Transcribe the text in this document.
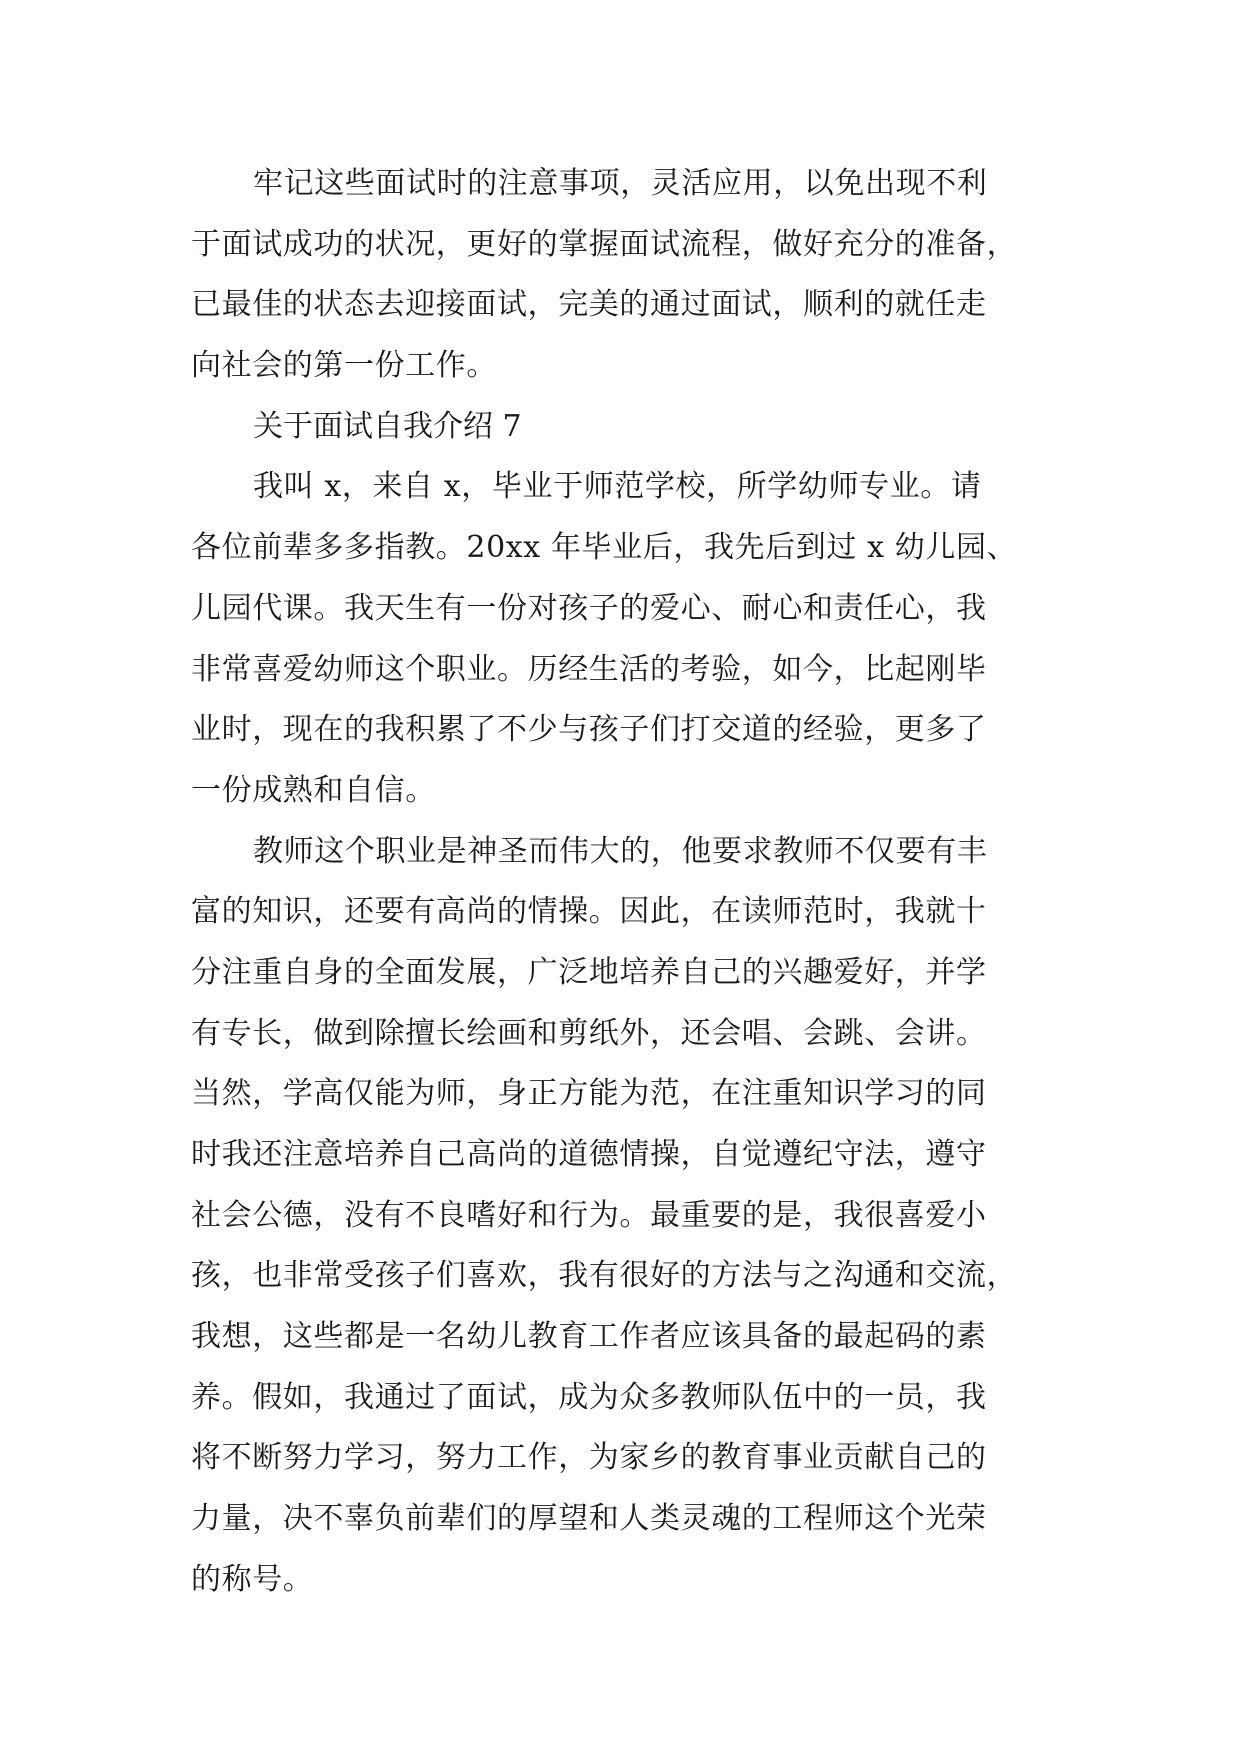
牢记这些面试时的注意事项，灵活应用，以免出现不利
于面试成功的状况，更好的掌握面试流程，做好充分的准备，
已最佳的状态去迎接面试，完美的通过面试，顺利的就任走
向社会的第一份工作。
关于面试自我介绍 7
我叫 x，来自 x，毕业于师范学校，所学幼师专业。请
各位前辈多多指教。20xx 年毕业后，我先后到过 x 幼儿园、
儿园代课。我天生有一份对孩子的爱心、耐心和责任心，我
非常喜爱幼师这个职业。历经生活的考验，如今，比起刚毕
业时，现在的我积累了不少与孩子们打交道的经验，更多了
一份成熟和自信。
教师这个职业是神圣而伟大的，他要求教师不仅要有丰
富的知识，还要有高尚的情操。因此，在读师范时，我就十
分注重自身的全面发展，广泛地培养自己的兴趣爱好，并学
有专长，做到除擅长绘画和剪纸外，还会唱、会跳、会讲。
当然，学高仅能为师，身正方能为范，在注重知识学习的同
时我还注意培养自己高尚的道德情操，自觉遵纪守法，遵守
社会公德，没有不良嗜好和行为。最重要的是，我很喜爱小
孩，也非常受孩子们喜欢，我有很好的方法与之沟通和交流，
我想，这些都是一名幼儿教育工作者应该具备的最起码的素
养。假如，我通过了面试，成为众多教师队伍中的一员，我
将不断努力学习，努力工作，为家乡的教育事业贡献自己的
力量，决不辜负前辈们的厚望和人类灵魂的工程师这个光荣
的称号。
